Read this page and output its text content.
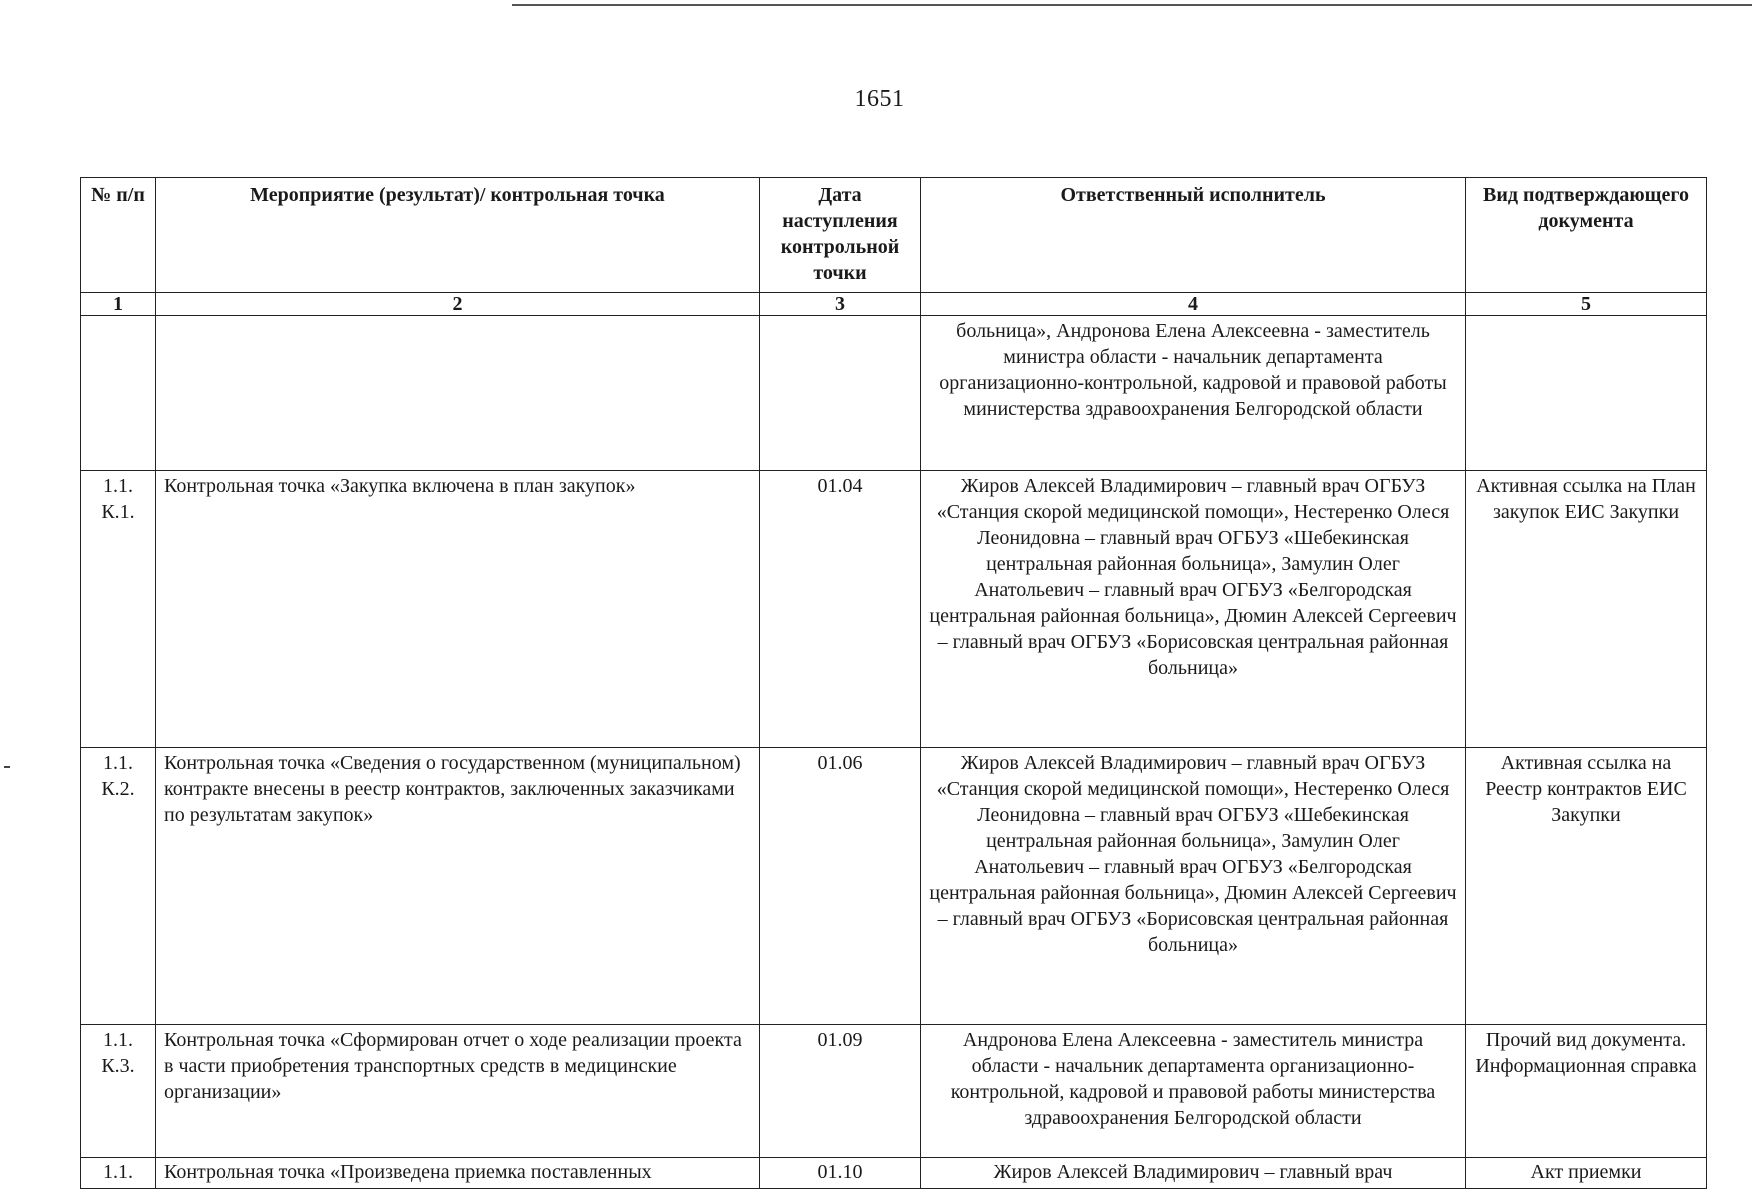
1651
№ п/п	Мероприятие (результат)/ контрольная точка	Дата наступления контрольной точки	Ответственный исполнитель	Вид подтверждающего документа
1	2	3	4	5
			больница», Андронова Елена Алексеевна - заместитель министра области - начальник департамента организационно-контрольной, кадровой и правовой работы министерства здравоохранения Белгородской области	
1.1. К.1.	Контрольная точка «Закупка включена в план закупок»	01.04	Жиров Алексей Владимирович – главный врач ОГБУЗ «Станция скорой медицинской помощи», Нестеренко Олеся Леонидовна – главный врач ОГБУЗ «Шебекинская центральная районная больница», Замулин Олег Анатольевич – главный врач ОГБУЗ «Белгородская центральная районная больница», Дюмин Алексей Сергеевич – главный врач ОГБУЗ «Борисовская центральная районная больница»	Активная ссылка на План закупок ЕИС Закупки
1.1. К.2.	Контрольная точка «Сведения о государственном (муниципальном) контракте внесены в реестр контрактов, заключенных заказчиками по результатам закупок»	01.06	Жиров Алексей Владимирович – главный врач ОГБУЗ «Станция скорой медицинской помощи», Нестеренко Олеся Леонидовна – главный врач ОГБУЗ «Шебекинская центральная районная больница», Замулин Олег Анатольевич – главный врач ОГБУЗ «Белгородская центральная районная больница», Дюмин Алексей Сергеевич – главный врач ОГБУЗ «Борисовская центральная районная больница»	Активная ссылка на Реестр контрактов ЕИС Закупки
1.1. К.3.	Контрольная точка «Сформирован отчет о ходе реализации проекта в части приобретения транспортных средств в медицинские организации»	01.09	Андронова Елена Алексеевна - заместитель министра области - начальник департамента организационно-контрольной, кадровой и правовой работы министерства здравоохранения Белгородской области	Прочий вид документа. Информационная справка
1.1.	Контрольная точка «Произведена приемка поставленных	01.10	Жиров Алексей Владимирович – главный врач	Акт приемки
